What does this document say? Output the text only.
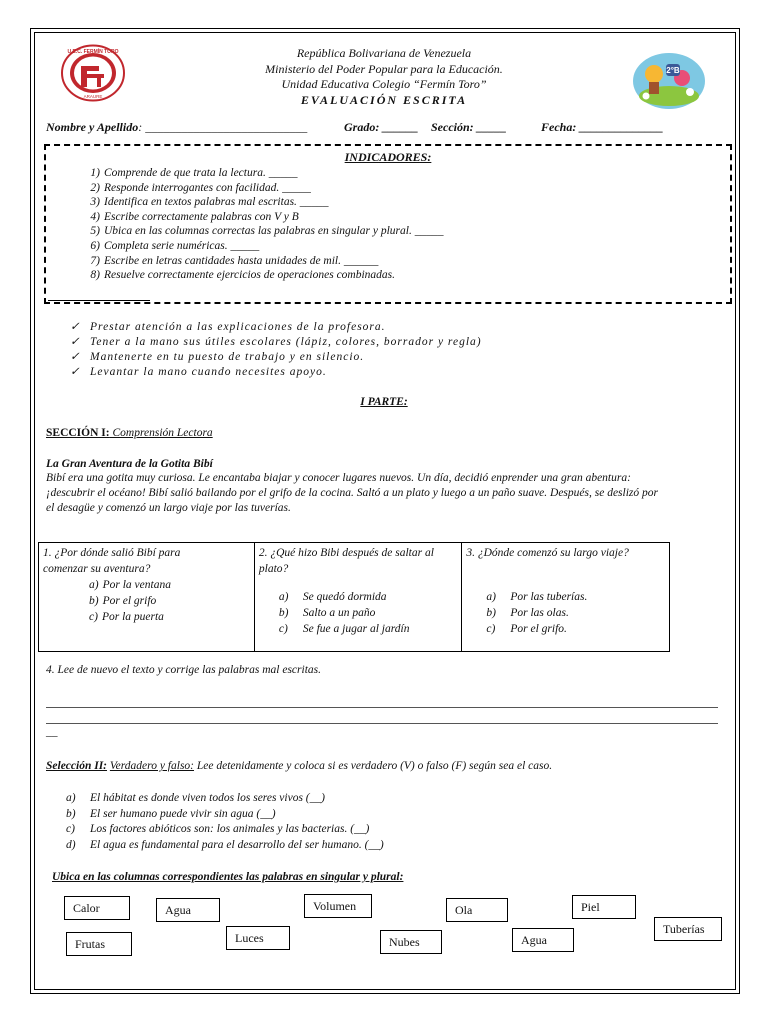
U.E.C. FERMÍN TORO
ARAURE
2°B
República Bolivariana de Venezuela
Ministerio del Poder Popular para la Educación.
Unidad Educativa Colegio “Fermín Toro”
EVALUACIÓN ESCRITA
Nombre y Apellido: ___________________________	Grado: ______ Sección: _____	Fecha: ______________
INDICADORES:
1) Comprende de que trata la lectura. _____
2) Responde interrogantes con facilidad. _____
3) Identifica en textos palabras mal escritas. _____
4) Escribe correctamente palabras con V y B
5) Ubica en las columnas correctas las palabras en singular y plural. _____
6) Completa serie numéricas. _____
7) Escribe en letras cantidades hasta unidades de mil. ______
8) Resuelve correctamente ejercicios de operaciones combinadas.
✓ Prestar atención a las explicaciones de la profesora.
✓ Tener a la mano sus útiles escolares (lápiz, colores, borrador y regla)
✓ Mantenerte en tu puesto de trabajo y en silencio.
✓ Levantar la mano cuando necesites apoyo.
I PARTE:
SECCIÓN I: Comprensión Lectora
La Gran Aventura de la Gotita Bibí
Bibí era una gotita muy curiosa. Le encantaba biajar y conocer lugares nuevos. Un día, decidió enprender una gran abentura:
¡descubrir el océano! Bibí salió bailando por el grifo de la cocina. Saltó a un plato y luego a un paño suave. Después, se deslizó por
el desagüe y comenzó un largo viaje por las tuverías.
1. ¿Por dónde salió Bibí para
comenzar su aventura?
a) Por la ventana
b) Por el grifo
c) Por la puerta

2. ¿Qué hizo Bibi después de saltar al
plato?
a)	Se quedó dormida
b)	Salto a un paño
c)	Se fue a jugar al jardín

3. ¿Dónde comenzó su largo viaje?
a)	Por las tuberías.
b)	Por las olas.
c)	Por el grifo.
4. Lee de nuevo el texto y corrige las palabras mal escritas.
__
Selección II: Verdadero y falso: Lee detenidamente y coloca si es verdadero (V) o falso (F) según sea el caso.
a)	El hábitat es donde viven todos los seres vivos (__)
b)	El ser humano puede vivir sin agua (__)
c)	Los factores abióticos son: los animales y las bacterias. (__)
d)	El agua es fundamental para el desarrollo del ser humano. (__)
Ubica en las columnas correspondientes las palabras en singular y plural:
Calor	Agua	Volumen	Ola	Piel
Tuberías
Frutas	Luces	Nubes	Agua
